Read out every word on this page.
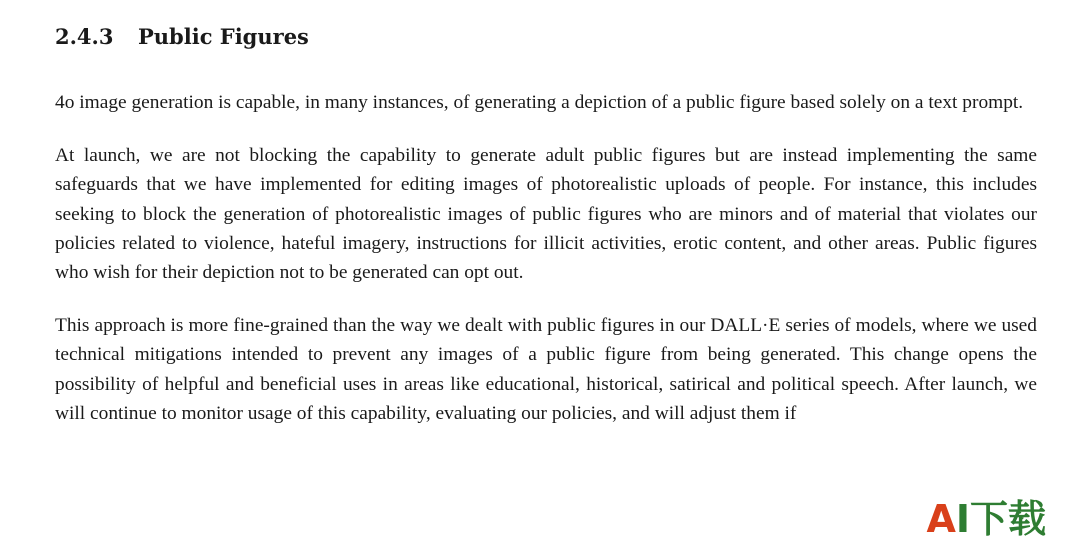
2.4.3	Public Figures

4o image generation is capable, in many instances, of generating a depiction of a public figure based solely on a text prompt.

At launch, we are not blocking the capability to generate adult public figures but are instead implementing the same safeguards that we have implemented for editing images of photorealistic uploads of people. For instance, this includes seeking to block the generation of photorealistic images of public figures who are minors and of material that violates our policies related to violence, hateful imagery, instructions for illicit activities, erotic content, and other areas. Public figures who wish for their depiction not to be generated can opt out.

This approach is more fine-grained than the way we dealt with public figures in our DALL·E series of models, where we used technical mitigations intended to prevent any images of a public figure from being generated. This change opens the possibility of helpful and beneficial uses in areas like educational, historical, satirical and political speech. After launch, we will continue to monitor usage of this capability, evaluating our policies, and will adjust them if

A I下载
